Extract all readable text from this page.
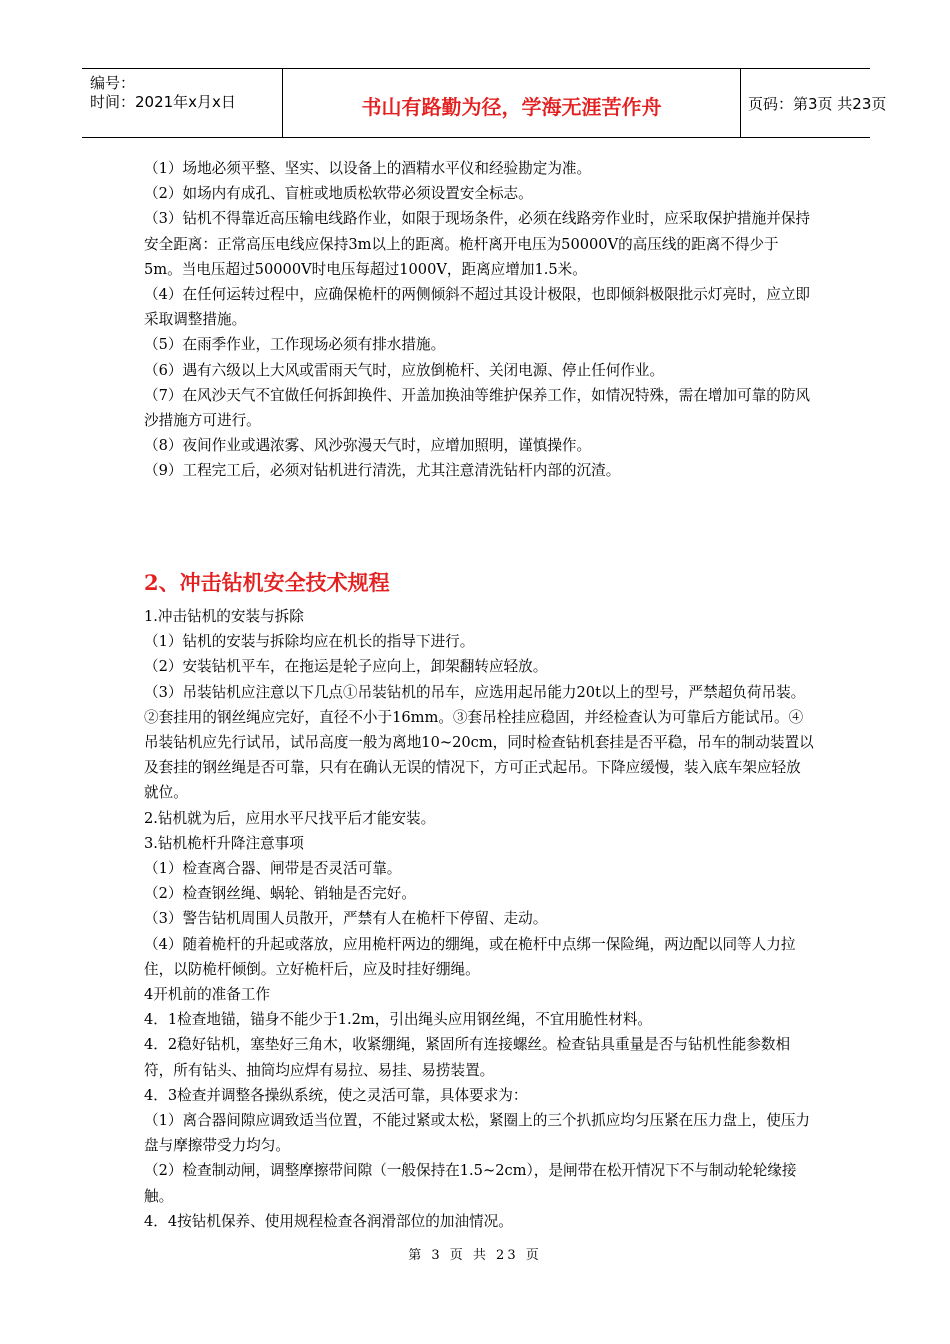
编号：
时间：2021年x月x日	书山有路勤为径，学海无涯苦作舟	页码：第3页 共23页

（1）场地必须平整、坚实、以设备上的酒精水平仪和经验勘定为准。

（2）如场内有成孔、盲桩或地质松软带必须设置安全标志。

（3）钻机不得靠近高压输电线路作业，如限于现场条件，必须在线路旁作业时，应采取保护措施并保持安全距离：正常高压电线应保持3m以上的距离。桅杆离开电压为50000V的高压线的距离不得少于5m。当电压超过50000V时电压每超过1000V，距离应增加1.5米。

（4）在任何运转过程中，应确保桅杆的两侧倾斜不超过其设计极限，也即倾斜极限批示灯亮时，应立即采取调整措施。

（5）在雨季作业，工作现场必须有排水措施。

（6）遇有六级以上大风或雷雨天气时，应放倒桅杆、关闭电源、停止任何作业。

（7）在风沙天气不宜做任何拆卸换件、开盖加换油等维护保养工作，如情况特殊，需在增加可靠的防风沙措施方可进行。

（8）夜间作业或遇浓雾、风沙弥漫天气时，应增加照明，谨慎操作。

（9）工程完工后，必须对钻机进行清洗，尤其注意清洗钻杆内部的沉渣。

2、冲击钻机安全技术规程

1.冲击钻机的安装与拆除

（1）钻机的安装与拆除均应在机长的指导下进行。

（2）安装钻机平车，在拖运是轮子应向上，卸架翻转应轻放。

（3）吊装钻机应注意以下几点①吊装钻机的吊车，应选用起吊能力20t以上的型号，严禁超负荷吊装。②套挂用的钢丝绳应完好，直径不小于16mm。③套吊栓挂应稳固，并经检查认为可靠后方能试吊。④吊装钻机应先行试吊，试吊高度一般为离地10~20cm，同时检查钻机套挂是否平稳，吊车的制动装置以及套挂的钢丝绳是否可靠，只有在确认无误的情况下，方可正式起吊。下降应缓慢，装入底车架应轻放就位。

2.钻机就为后，应用水平尺找平后才能安装。

3.钻机桅杆升降注意事项

（1）检查离合器、闸带是否灵活可靠。

（2）检查钢丝绳、蜗轮、销轴是否完好。

（3）警告钻机周围人员散开，严禁有人在桅杆下停留、走动。

（4）随着桅杆的升起或落放，应用桅杆两边的绷绳，或在桅杆中点绑一保险绳，两边配以同等人力拉住，以防桅杆倾倒。立好桅杆后，应及时挂好绷绳。

4开机前的准备工作

4．1检查地锚，锚身不能少于1.2m，引出绳头应用钢丝绳，不宜用脆性材料。

4．2稳好钻机，塞垫好三角木，收紧绷绳，紧固所有连接螺丝。检查钻具重量是否与钻机性能参数相符，所有钻头、抽筒均应焊有易拉、易挂、易捞装置。

4．3检查并调整各操纵系统，使之灵活可靠，具体要求为：

（1）离合器间隙应调致适当位置，不能过紧或太松，紧圈上的三个扒抓应均匀压紧在压力盘上，使压力盘与摩擦带受力均匀。

（2）检查制动闸，调整摩擦带间隙（一般保持在1.5~2cm），是闸带在松开情况下不与制动轮轮缘接触。

4．4按钻机保养、使用规程检查各润滑部位的加油情况。

第 3 页 共 23 页
